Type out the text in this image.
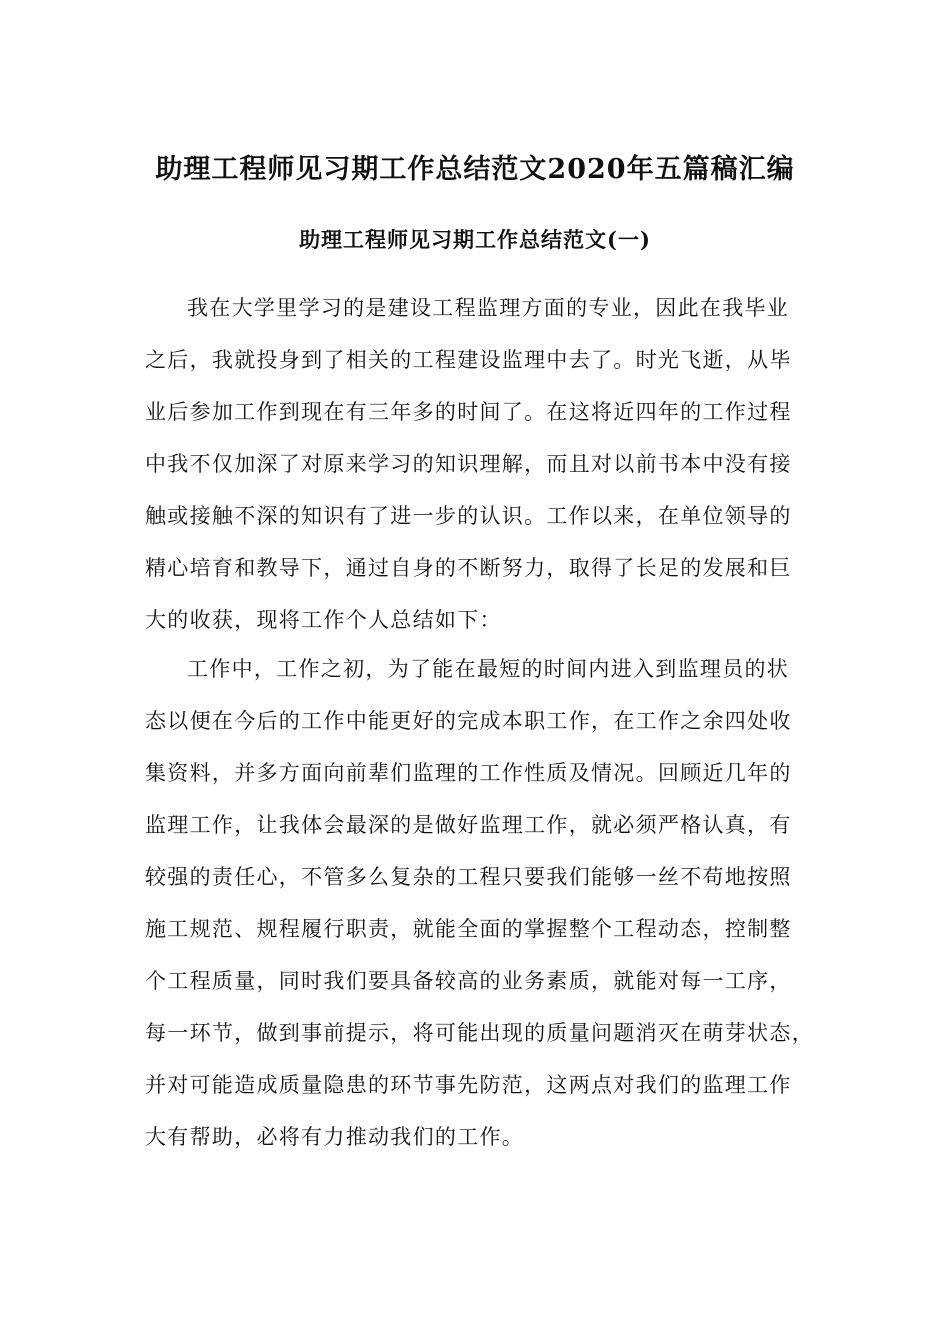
助理工程师见习期工作总结范文2020年五篇稿汇编
助理工程师见习期工作总结范文(一)
我在大学里学习的是建设工程监理方面的专业，因此在我毕业
之后，我就投身到了相关的工程建设监理中去了。时光飞逝，从毕
业后参加工作到现在有三年多的时间了。在这将近四年的工作过程
中我不仅加深了对原来学习的知识理解，而且对以前书本中没有接
触或接触不深的知识有了进一步的认识。工作以来，在单位领导的
精心培育和教导下，通过自身的不断努力，取得了长足的发展和巨
大的收获，现将工作个人总结如下：
工作中，工作之初，为了能在最短的时间内进入到监理员的状
态以便在今后的工作中能更好的完成本职工作，在工作之余四处收
集资料，并多方面向前辈们监理的工作性质及情况。回顾近几年的
监理工作，让我体会最深的是做好监理工作，就必须严格认真，有
较强的责任心，不管多么复杂的工程只要我们能够一丝不苟地按照
施工规范、规程履行职责，就能全面的掌握整个工程动态，控制整
个工程质量，同时我们要具备较高的业务素质，就能对每一工序，
每一环节，做到事前提示，将可能出现的质量问题消灭在萌芽状态，
并对可能造成质量隐患的环节事先防范，这两点对我们的监理工作
大有帮助，必将有力推动我们的工作。
